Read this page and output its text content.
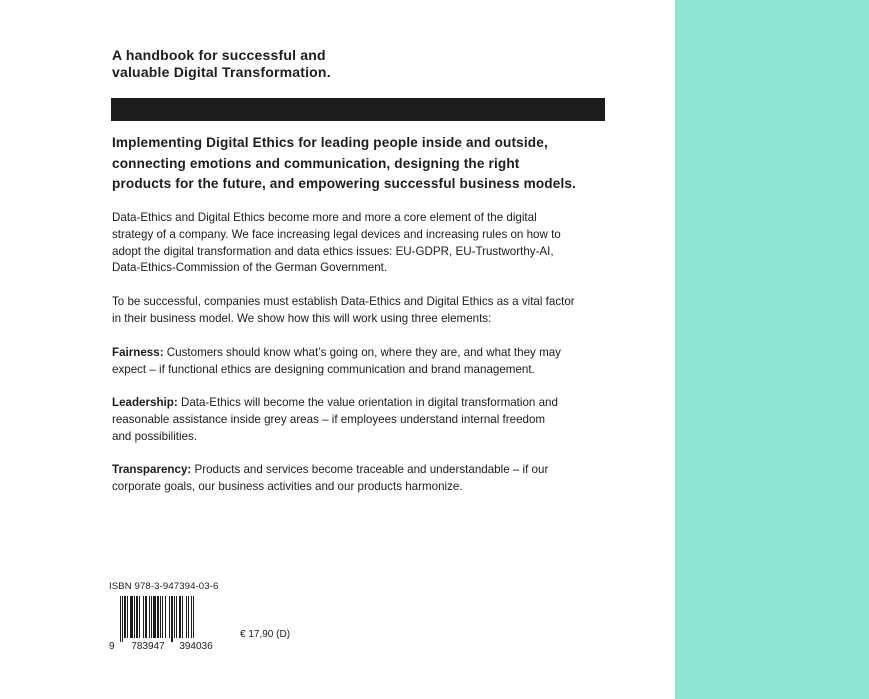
A handbook for successful and
valuable Digital Transformation.
Implementing Digital Ethics for leading people inside and outside,
connecting emotions and communication, designing the right
products for the future, and empowering successful business models.
Data-Ethics and Digital Ethics become more and more a core element of the digital
strategy of a company. We face increasing legal devices and increasing rules on how to
adopt the digital transformation and data ethics issues: EU-GDPR, EU-Trustworthy-AI,
Data-Ethics-Commission of the German Government.
To be successful, companies must establish Data-Ethics and Digital Ethics as a vital factor
in their business model. We show how this will work using three elements:
Fairness: Customers should know what’s going on, where they are, and what they may
expect – if functional ethics are designing communication and brand management.
Leadership: Data-Ethics will become the value orientation in digital transformation and
reasonable assistance inside grey areas – if employees understand internal freedom
and possibilities.
Transparency: Products and services become traceable and understandable – if our
corporate goals, our business activities and our products harmonize.
ISBN 978-3-947394-03-6
9 783947 394036
€ 17,90 (D)
